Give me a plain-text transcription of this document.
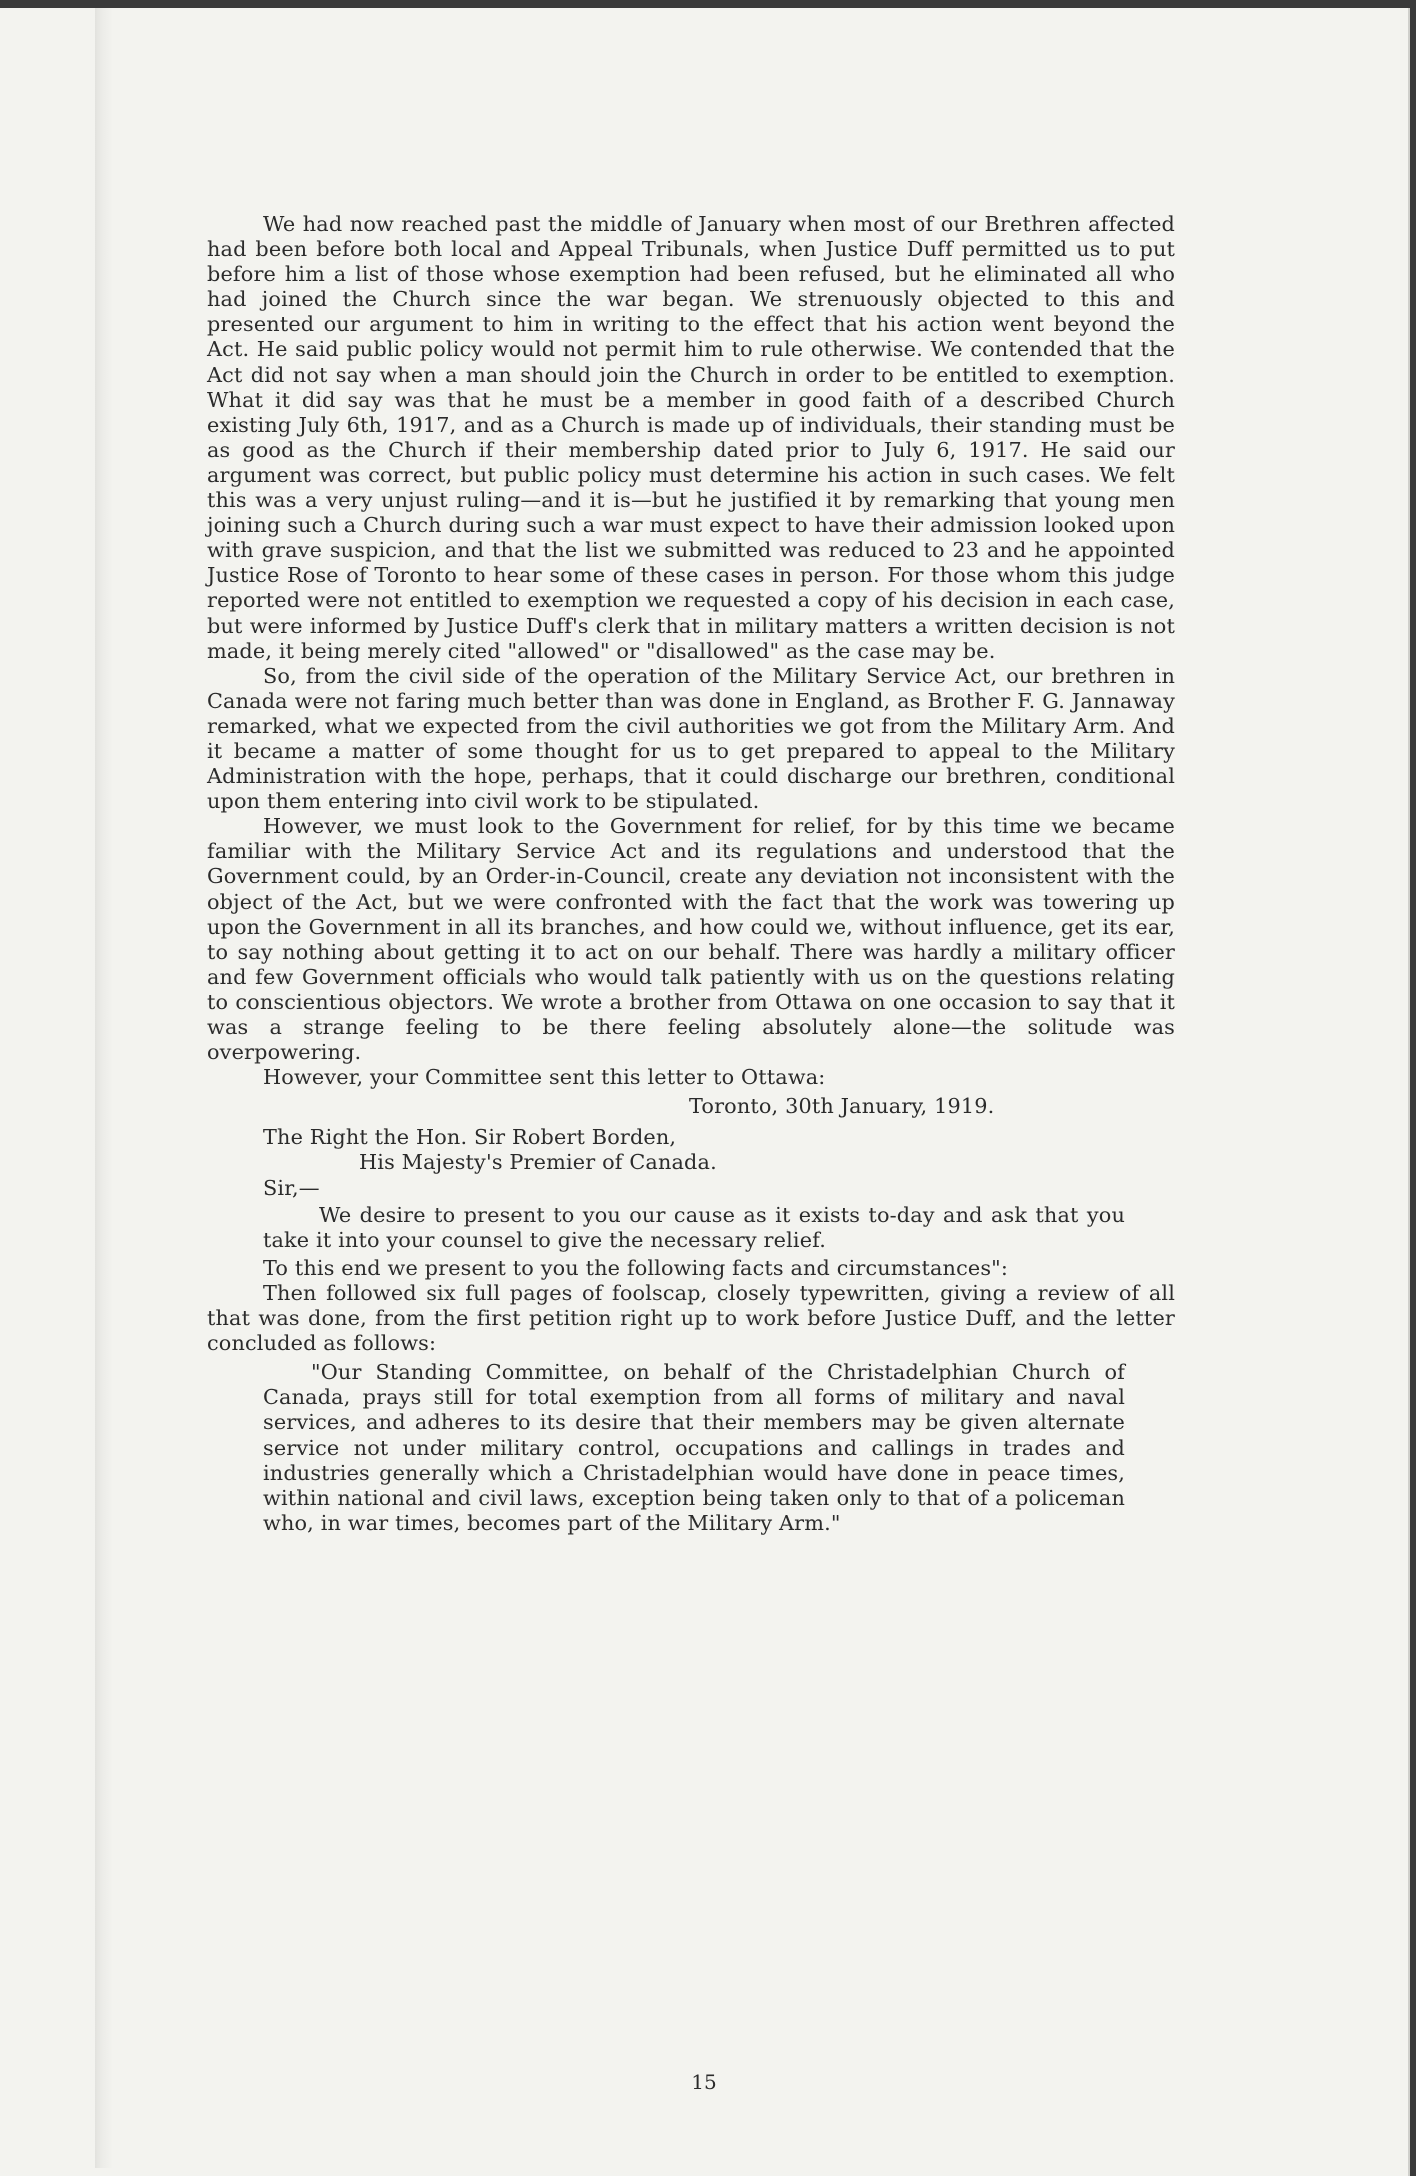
We had now reached past the middle of January when most of our Brethren affected had been before both local and Appeal Tribunals, when Justice Duff permitted us to put before him a list of those whose exemption had been refused, but he eliminated all who had joined the Church since the war began. We strenuously objected to this and presented our argument to him in writing to the effect that his action went beyond the Act. He said public policy would not permit him to rule otherwise. We contended that the Act did not say when a man should join the Church in order to be entitled to exemption. What it did say was that he must be a member in good faith of a described Church existing July 6th, 1917, and as a Church is made up of individuals, their standing must be as good as the Church if their membership dated prior to July 6, 1917. He said our argument was correct, but public policy must determine his action in such cases. We felt this was a very unjust ruling—and it is—but he justified it by remarking that young men joining such a Church during such a war must expect to have their admission looked upon with grave suspicion, and that the list we submitted was reduced to 23 and he appointed Justice Rose of Toronto to hear some of these cases in person. For those whom this judge reported were not entitled to exemption we requested a copy of his decision in each case, but were informed by Justice Duff's clerk that in military matters a written decision is not made, it being merely cited "allowed" or "disallowed" as the case may be.

So, from the civil side of the operation of the Military Service Act, our brethren in Canada were not faring much better than was done in England, as Brother F. G. Jannaway remarked, what we expected from the civil authorities we got from the Military Arm. And it became a matter of some thought for us to get prepared to appeal to the Military Administration with the hope, perhaps, that it could discharge our brethren, conditional upon them entering into civil work to be stipulated.

However, we must look to the Government for relief, for by this time we became familiar with the Military Service Act and its regulations and understood that the Government could, by an Order-in-Council, create any deviation not inconsistent with the object of the Act, but we were confronted with the fact that the work was towering up upon the Government in all its branches, and how could we, without influence, get its ear, to say nothing about getting it to act on our behalf. There was hardly a military officer and few Government officials who would talk patiently with us on the questions relating to conscientious objectors. We wrote a brother from Ottawa on one occasion to say that it was a strange feeling to be there feeling absolutely alone—the solitude was overpowering.

However, your Committee sent this letter to Ottawa:

Toronto, 30th January, 1919.

The Right the Hon. Sir Robert Borden,

His Majesty's Premier of Canada.

Sir,—

We desire to present to you our cause as it exists to-day and ask that you take it into your counsel to give the necessary relief.

To this end we present to you the following facts and circumstances":

Then followed six full pages of foolscap, closely typewritten, giving a review of all that was done, from the first petition right up to work before Justice Duff, and the letter concluded as follows:

"Our Standing Committee, on behalf of the Christadelphian Church of Canada, prays still for total exemption from all forms of military and naval services, and adheres to its desire that their members may be given alternate service not under military control, occupations and callings in trades and industries generally which a Christadelphian would have done in peace times, within national and civil laws, exception being taken only to that of a policeman who, in war times, becomes part of the Military Arm."

15
